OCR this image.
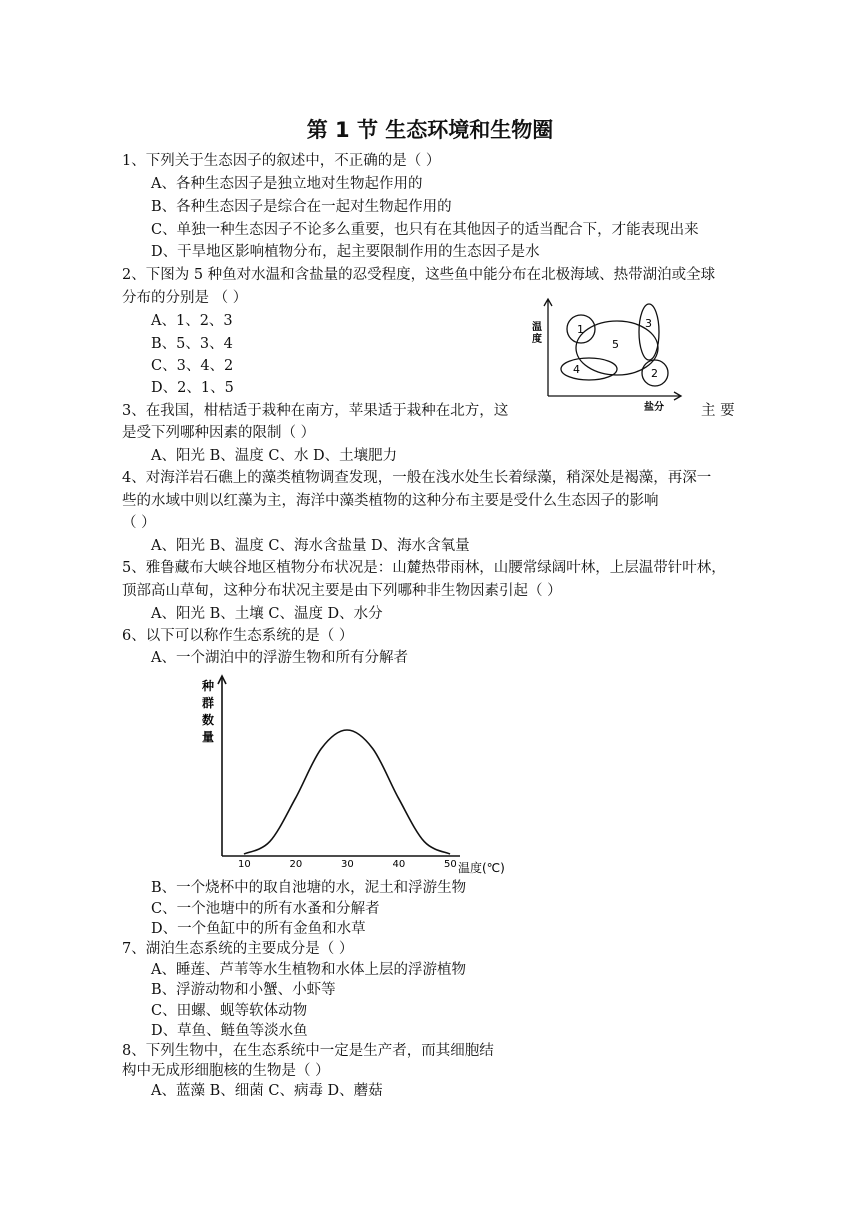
第 1 节 生态环境和生物圈
1、下列关于生态因子的叙述中，不正确的是（ ）
A、各种生态因子是独立地对生物起作用的
B、各种生态因子是综合在一起对生物起作用的
C、单独一种生态因子不论多么重要，也只有在其他因子的适当配合下，才能表现出来
D、干旱地区影响植物分布，起主要限制作用的生态因子是水
2、下图为 5 种鱼对水温和含盐量的忍受程度，这些鱼中能分布在北极海域、热带湖泊或全球
分布的分别是 （ ）
A、1、2、3
B、5、3、4
C、3、4、2
D、2、1、5
温
度
盐分
1
2
3
4
5
3、在我国，柑桔适于栽种在南方，苹果适于栽种在北方，这	主 要
是受下列哪种因素的限制（ ）
A、阳光 B、温度 C、水 D、土壤肥力
4、对海洋岩石礁上的藻类植物调查发现，一般在浅水处生长着绿藻，稍深处是褐藻，再深一
些的水域中则以红藻为主，海洋中藻类植物的这种分布主要是受什么生态因子的影响
（ ）
A、阳光 B、温度 C、海水含盐量 D、海水含氧量
5、雅鲁藏布大峡谷地区植物分布状况是：山麓热带雨林，山腰常绿阔叶林，上层温带针叶林，
顶部高山草甸，这种分布状况主要是由下列哪种非生物因素引起（ ）
A、阳光 B、土壤 C、温度 D、水分
6、以下可以称作生态系统的是（ ）
A、一个湖泊中的浮游生物和所有分解者
种
群
数
量
温度(℃)
10	20	30	40	50
B、一个烧杯中的取自池塘的水，泥土和浮游生物
C、一个池塘中的所有水蚤和分解者
D、一个鱼缸中的所有金鱼和水草
7、湖泊生态系统的主要成分是（ ）
A、睡莲、芦苇等水生植物和水体上层的浮游植物
B、浮游动物和小蟹、小虾等
C、田螺、蚬等软体动物
D、草鱼、鲢鱼等淡水鱼
8、下列生物中，在生态系统中一定是生产者，而其细胞结
构中无成形细胞核的生物是（ ）
A、蓝藻 B、细菌 C、病毒 D、蘑菇
